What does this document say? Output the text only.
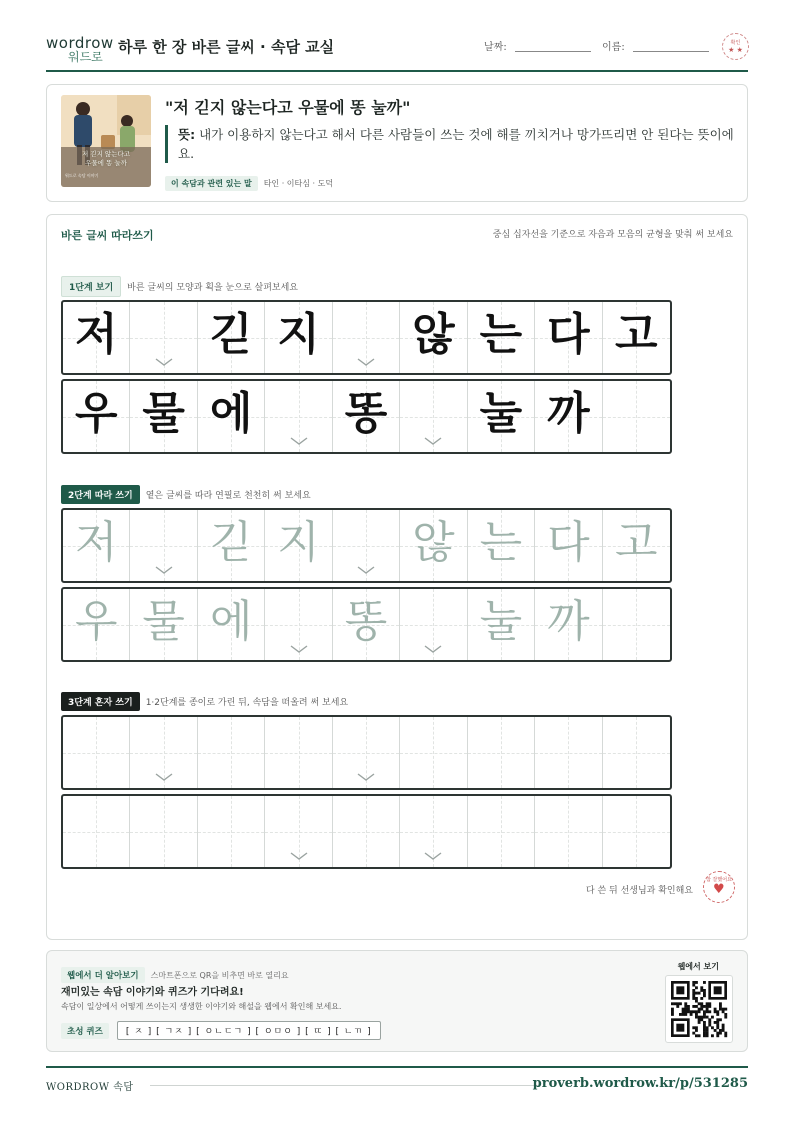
wordrow
워드로
하루 한 장 바른 글씨 · 속담 교실	날짜:	이름:	확인
★ ★
저 긷지 않는다고
우물에 똥 눌까
워드로 속담 이야기
"저 긷지 않는다고 우물에 똥 눌까"
뜻: 내가 이용하지 않는다고 해서 다른 사람들이 쓰는 것에 해를 끼치거나 망가뜨리면 안 된다는 뜻이에요.
이 속담과 관련 있는 말 타인 · 이타심 · 도덕
바른 글씨 따라쓰기	중심 십자선을 기준으로 자음과 모음의 균형을 맞춰 써 보세요
1단계 보기 바른 글씨의 모양과 획을 눈으로 살펴보세요
저 긷 지 않 는 다 고
우 물 에 똥 눌 까
2단계 따라 쓰기 옅은 글씨를 따라 연필로 천천히 써 보세요
저 긷 지 않 는 다 고
우 물 에 똥 눌 까
3단계 혼자 쓰기 1·2단계를 종이로 가린 뒤, 속담을 떠올려 써 보세요
다 쓴 뒤 선생님과 확인해요
참 잘했어요
♥
웹에서 더 알아보기 스마트폰으로 QR을 비추면 바로 열리요
재미있는 속담 이야기와 퀴즈가 기다려요!
속담이 일상에서 어떻게 쓰이는지 생생한 이야기와 해설을 웹에서 확인해 보세요.
초성 퀴즈	[ ㅈ ] [ ㄱㅈ ] [ ㅇㄴㄷㄱ ] [ ㅇㅁㅇ ] [ ㄸ ] [ ㄴㄲ ]
웹에서 보기
WORDROW 속담	proverb.wordrow.kr/p/531285
